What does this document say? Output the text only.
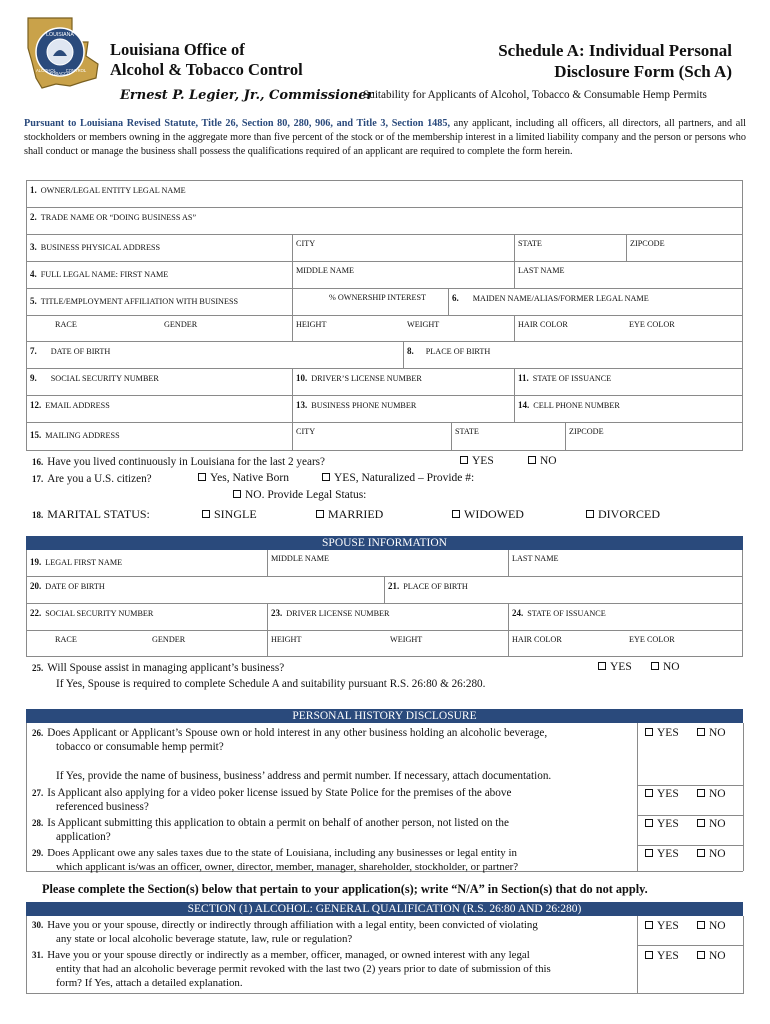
LOUISIANA
ALCOHOL
TOBACCO
CONTROL
Louisiana Office of
Alcohol & Tobacco Control
Ernest P. Legier, Jr., Commissioner
Schedule A: Individual Personal
Disclosure Form (Sch A)
Suitability for Applicants of Alcohol, Tobacco & Consumable Hemp Permits
Pursuant to Louisiana Revised Statute, Title 26, Section 80, 280, 906, and Title 3, Section 1485, any applicant, including all officers, all directors, all partners, and all stockholders or members owning in the aggregate more than five percent of the stock or of the membership interest in a limited liability company and the person or persons who shall conduct or manage the business shall possess the qualifications required of an applicant are required to complete the form herein.
1. OWNER/LEGAL ENTITY LEGAL NAME
2. TRADE NAME OR “DOING BUSINESS AS”
3. BUSINESS PHYSICAL ADDRESS	CITY	STATE	ZIPCODE
4. FULL LEGAL NAME: FIRST NAME	MIDDLE NAME	LAST NAME
5. TITLE/EMPLOYMENT AFFILIATION WITH BUSINESS	% OWNERSHIP INTEREST	6. MAIDEN NAME/ALIAS/FORMER LEGAL NAME
RACE	GENDER	HEIGHT	WEIGHT	HAIR COLOR	EYE COLOR
7. DATE OF BIRTH	8. PLACE OF BIRTH
9. SOCIAL SECURITY NUMBER	10. DRIVER’S LICENSE NUMBER	11. STATE OF ISSUANCE
12. EMAIL ADDRESS	13. BUSINESS PHONE NUMBER	14. CELL PHONE NUMBER
15. MAILING ADDRESS	CITY	STATE	ZIPCODE
16. Have you lived continuously in Louisiana for the last 2 years?	YES	NO
17. Are you a U.S. citizen?	Yes, Native Born	YES, Naturalized – Provide #:
NO. Provide Legal Status:
18. MARITAL STATUS:	SINGLE	MARRIED	WIDOWED	DIVORCED
SPOUSE INFORMATION
19. LEGAL FIRST NAME	MIDDLE NAME	LAST NAME
20. DATE OF BIRTH	21. PLACE OF BIRTH
22. SOCIAL SECURITY NUMBER	23. DRIVER LICENSE NUMBER	24. STATE OF ISSUANCE
RACE	GENDER	HEIGHT	WEIGHT	HAIR COLOR	EYE COLOR
25. Will Spouse assist in managing applicant’s business?
If Yes, Spouse is required to complete Schedule A and suitability pursuant R.S. 26:80 & 26:280.
YES	NO
PERSONAL HISTORY DISCLOSURE
26. Does Applicant or Applicant’s Spouse own or hold interest in any other business holding an alcoholic beverage,
tobacco or consumable hemp permit?
If Yes, provide the name of business, business’ address and permit number. If necessary, attach documentation.
YES	NO
27. Is Applicant also applying for a video poker license issued by State Police for the premises of the above
referenced business?
YES	NO
28. Is Applicant submitting this application to obtain a permit on behalf of another person, not listed on the
application?
YES	NO
29. Does Applicant owe any sales taxes due to the state of Louisiana, including any businesses or legal entity in
which applicant is/was an officer, owner, director, member, manager, shareholder, stockholder, or partner?
YES	NO
Please complete the Section(s) below that pertain to your application(s); write “N/A” in Section(s) that do not apply.
SECTION (1) ALCOHOL: GENERAL QUALIFICATION (R.S. 26:80 AND 26:280)
30. Have you or your spouse, directly or indirectly through affiliation with a legal entity, been convicted of violating
any state or local alcoholic beverage statute, law, rule or regulation?
YES	NO
31. Have you or your spouse directly or indirectly as a member, officer, managed, or owned interest with any legal
entity that had an alcoholic beverage permit revoked with the last two (2) years prior to date of submission of this
form? If Yes, attach a detailed explanation.
YES	NO
